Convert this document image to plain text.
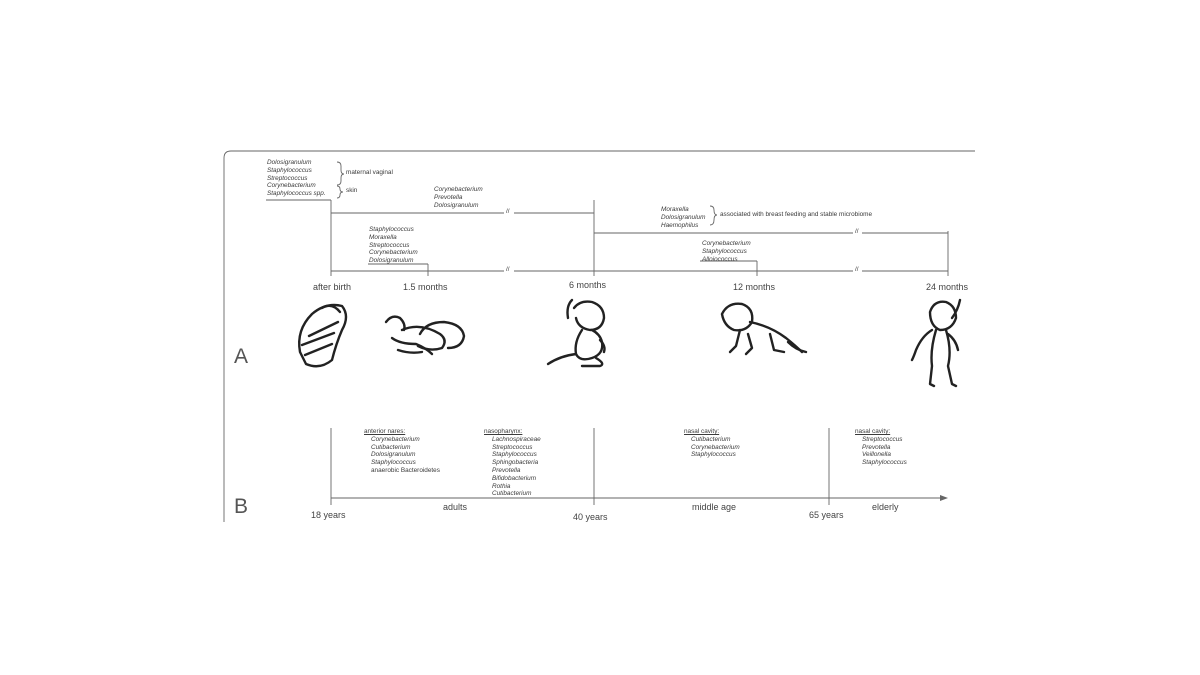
Dolosigranulum
Staphylococcus
Streptococcus
Corynebacterium
Staphylococcus spp.
maternal vaginal
skin	Corynebacterium
Prevotella
Dolosigranulum
Staphylococcus
Moraxella
Streptococcus
Corynebacterium
Dolosigranulum
Moraxella
Dolosigranulum
Haemophilus
associated with breast feeding and stable microbiome
Corynebacterium
Staphylococcus
Alloiococcus
//
//
//
//
after birth	1.5 months	6 months	12 months	24 months
A
anterior nares:
Corynebacterium
Cutibacterium
Dolosigranulum
Staphylococcus
anaerobic Bacteroidetes
nasopharynx:
Lachnospiraceae
Streptococcus
Staphylococcus
Sphingobacteria
Prevotella
Bifidobacterium
Rothia
Cutibacterium
nasal cavity:
Cutibacterium
Corynebacterium
Staphylococcus
nasal cavity:
Streptococcus
Prevotella
Veillonella
Staphylococcus
18 years	40 years	65 years
adults	middle age	elderly
B
